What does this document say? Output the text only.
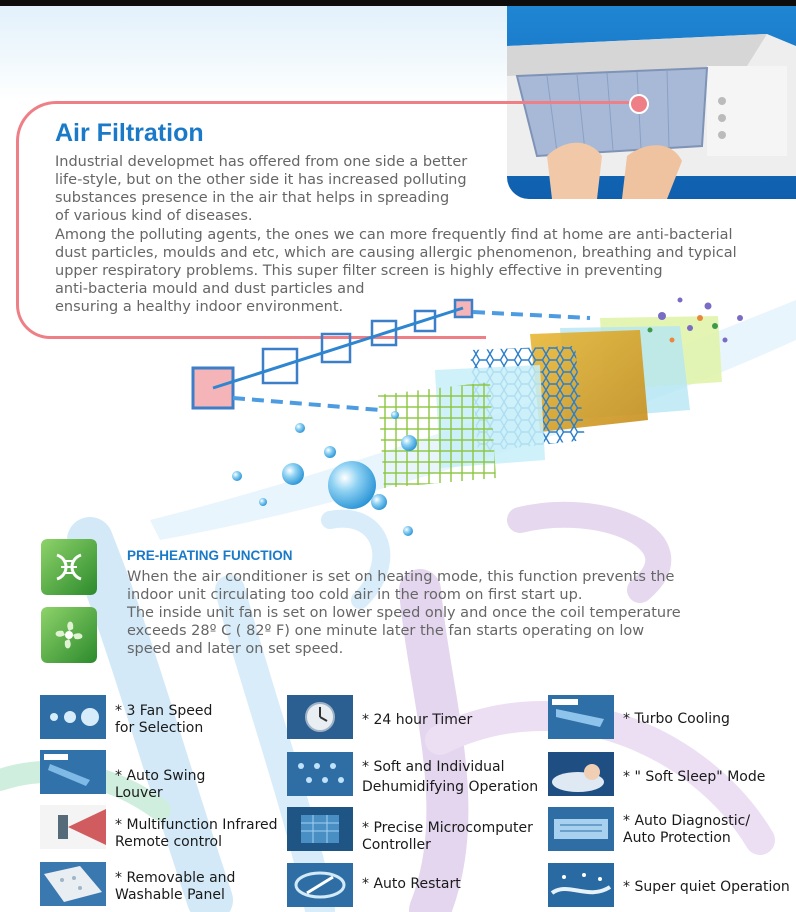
Air Filtration

Industrial developmet has offered from one side a better
life-style, but on the other side it has increased polluting
substances presence in the air that helps in spreading
of various kind of diseases.

Among the polluting agents, the ones we can more frequently find at home are anti-bacterial
dust particles, moulds and etc, which are causing allergic phenomenon, breathing and typical
upper respiratory problems. This super filter screen is highly effective in preventing
anti-bacteria mould and dust particles and
ensuring a healthy indoor environment.

PRE-HEATING FUNCTION

When the air conditioner is set on heating mode, this function prevents the
indoor unit circulating too cold air in the room on first start up.
The inside unit fan is set on lower speed only and once the coil temperature
exceeds 28º C ( 82º F) one minute later the fan starts operating on low
speed and later on set speed.

* 3 Fan Speed
for Selection

* Auto Swing
Louver

* Multifunction Infrared
Remote control

* Removable and
Washable Panel

* 24 hour Timer

* Soft and Individual
Dehumidifying Operation

* Precise Microcomputer
Controller

* Auto Restart

* Turbo Cooling

* " Soft Sleep" Mode

* Auto Diagnostic/
Auto Protection

* Super quiet Operation
